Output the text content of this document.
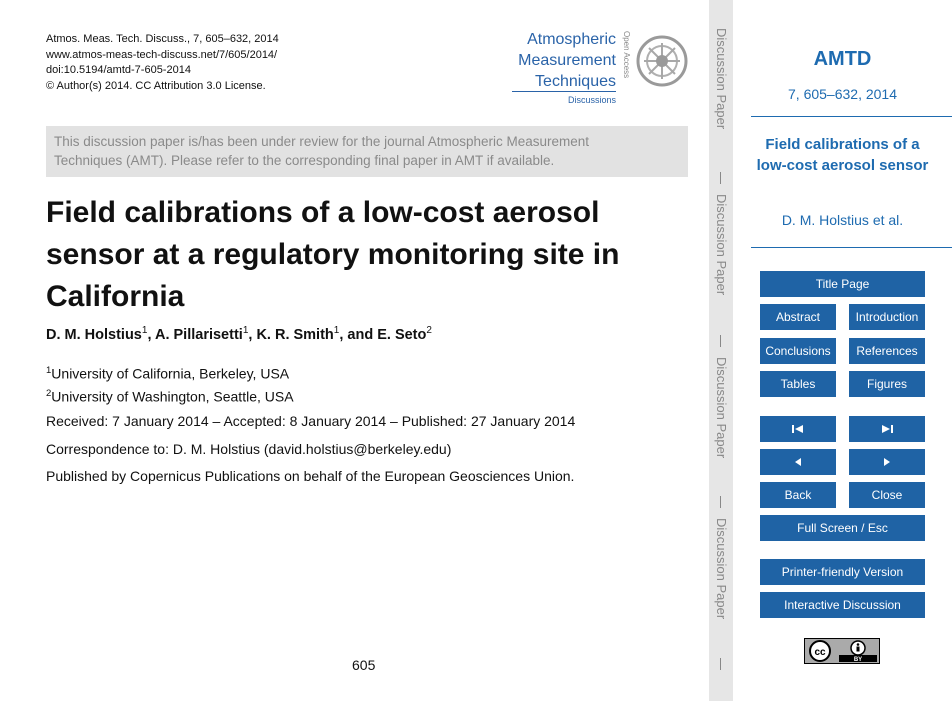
Atmos. Meas. Tech. Discuss., 7, 605–632, 2014
www.atmos-meas-tech-discuss.net/7/605/2014/
doi:10.5194/amtd-7-605-2014
© Author(s) 2014. CC Attribution 3.0 License.
Atmospheric
Measurement
Techniques
Discussions
Open Access
This discussion paper is/has been under review for the journal Atmospheric Measurement
Techniques (AMT). Please refer to the corresponding final paper in AMT if available.
Field calibrations of a low-cost aerosol
sensor at a regulatory monitoring site in
California
D. M. Holstius$^1$, A. Pillarisetti$^1$, K. R. Smith$^1$, and E. Seto$^2$
$^1$University of California, Berkeley, USA
$^2$University of Washington, Seattle, USA
Received: 7 January 2014 – Accepted: 8 January 2014 – Published: 27 January 2014
Correspondence to: D. M. Holstius (david.holstius@berkeley.edu)
Published by Copernicus Publications on behalf of the European Geosciences Union.
605
Discussion Paper
Discussion Paper
Discussion Paper
Discussion Paper
AMTD
7, 605–632, 2014
Field calibrations of a low-cost aerosol sensor
D. M. Holstius et al.
Title Page
Abstract	Introduction
Conclusions	References
Tables	Figures
Back	Close
Full Screen / Esc
Printer-friendly Version
Interactive Discussion
cc
BY
